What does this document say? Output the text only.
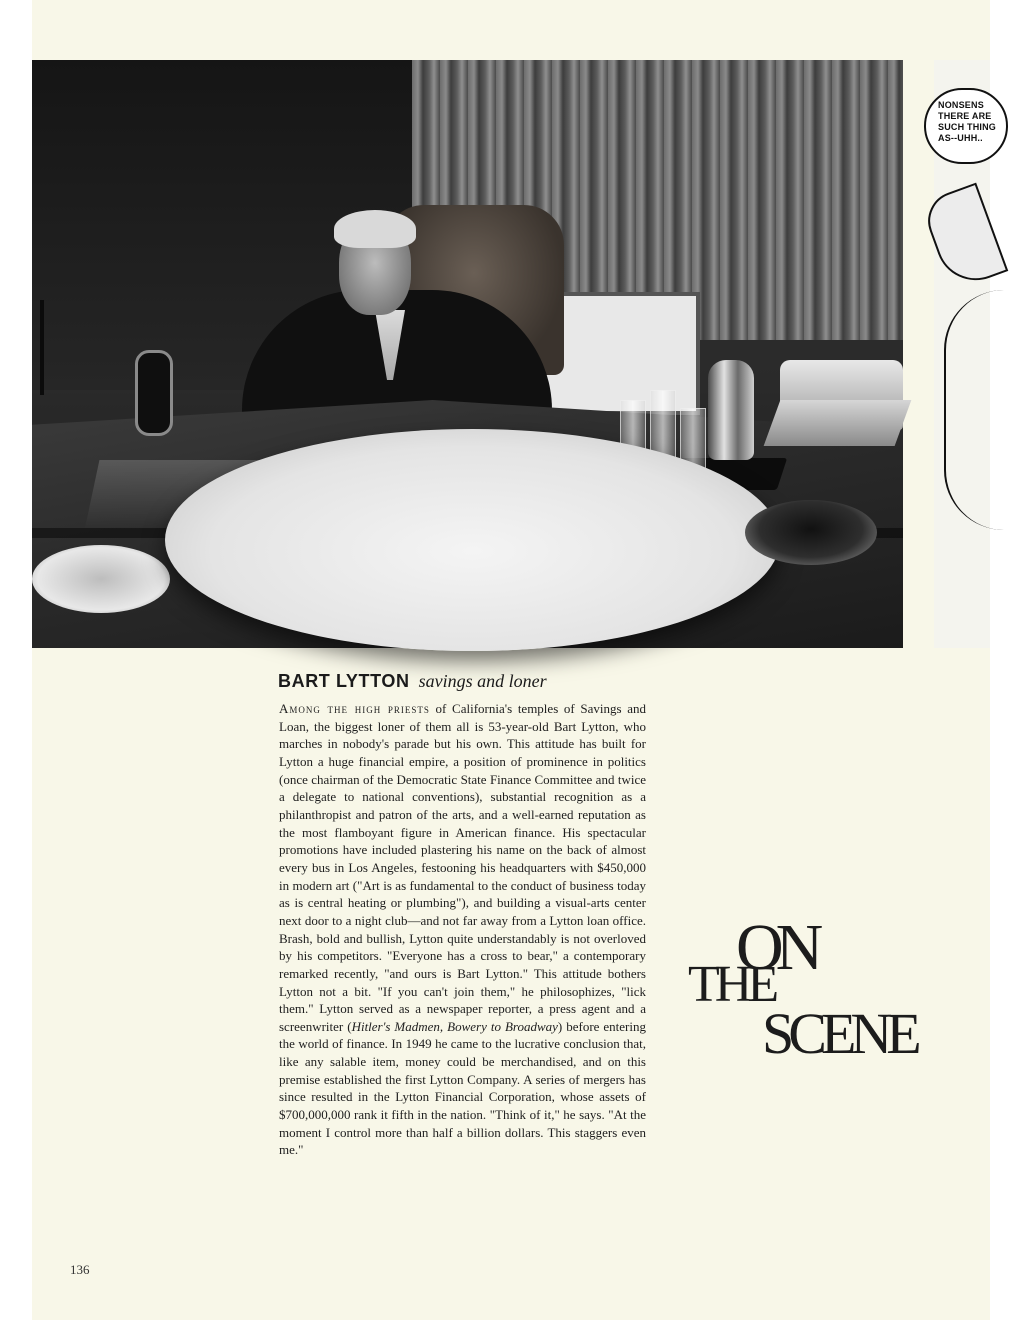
NONSENS
THERE ARE
SUCH THING
AS--UHH..
BART LYTTON savings and loner
Among the high priests of California's temples of Savings and Loan, the biggest loner of them all is 53-year-old Bart Lytton, who marches in nobody's parade but his own. This attitude has built for Lytton a huge financial empire, a position of prominence in politics (once chairman of the Democratic State Finance Committee and twice a delegate to national conventions), substantial recognition as a philanthropist and patron of the arts, and a well-earned reputation as the most flamboyant figure in American finance. His spectacular promotions have included plastering his name on the back of almost every bus in Los Angeles, festooning his headquarters with $450,000 in modern art ("Art is as fundamental to the conduct of business today as is central heating or plumbing"), and building a visual-arts center next door to a night club—and not far away from a Lytton loan office. Brash, bold and bullish, Lytton quite understandably is not overloved by his competitors. "Everyone has a cross to bear," a contemporary remarked recently, "and ours is Bart Lytton." This attitude bothers Lytton not a bit. "If you can't join them," he philosophizes, "lick them." Lytton served as a newspaper reporter, a press agent and a screenwriter (Hitler's Madmen, Bowery to Broadway) before entering the world of finance. In 1949 he came to the lucrative conclusion that, like any salable item, money could be merchandised, and on this premise established the first Lytton Company. A series of mergers has since resulted in the Lytton Financial Corporation, whose assets of $700,000,000 rank it fifth in the nation. "Think of it," he says. "At the moment I control more than half a billion dollars. This staggers even me."
ON
THE
SCENE
136
